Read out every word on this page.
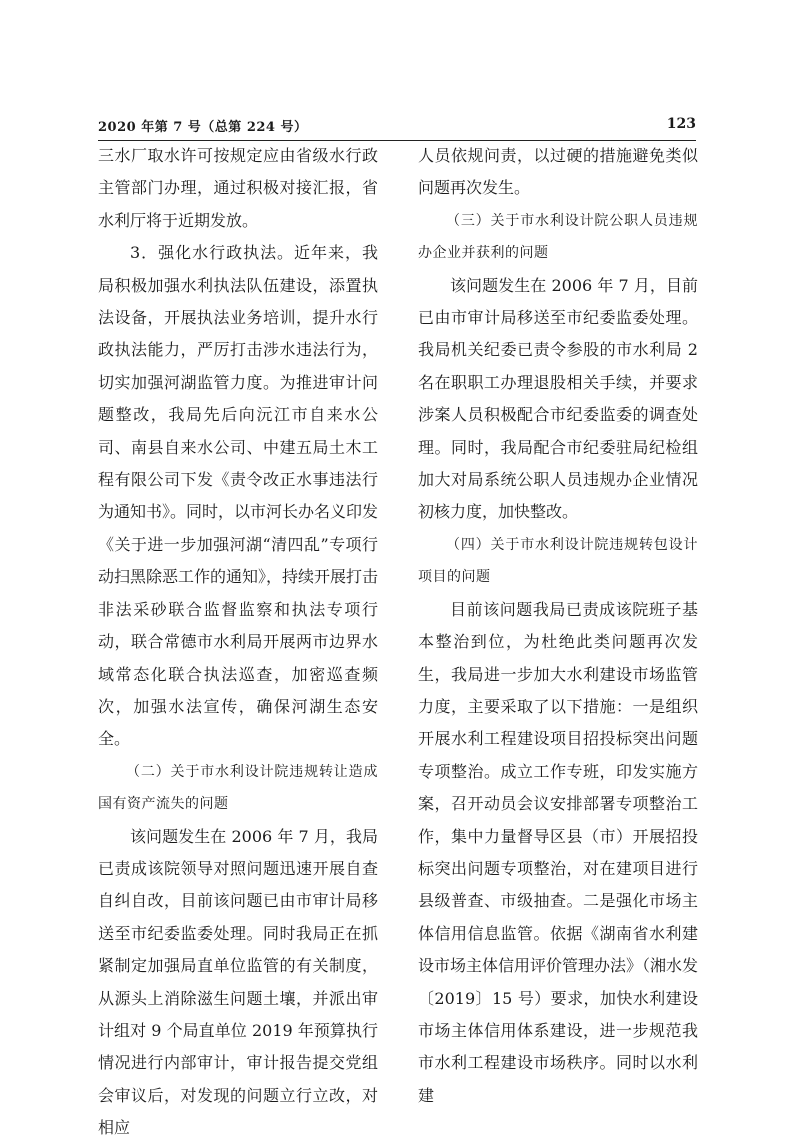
2020 年第 7 号（总第 224 号）	123

三水厂取水许可按规定应由省级水行政主管部门办理，通过积极对接汇报，省水利厅将于近期发放。

3．强化水行政执法。近年来，我局积极加强水利执法队伍建设，添置执法设备，开展执法业务培训，提升水行政执法能力，严厉打击涉水违法行为，切实加强河湖监管力度。为推进审计问题整改，我局先后向沅江市自来水公司、南县自来水公司、中建五局土木工程有限公司下发《责令改正水事违法行为通知书》。同时，以市河长办名义印发《关于进一步加强河湖“清四乱”专项行动扫黑除恶工作的通知》，持续开展打击非法采砂联合监督监察和执法专项行动，联合常德市水利局开展两市边界水域常态化联合执法巡查，加密巡查频次，加强水法宣传，确保河湖生态安全。

（二）关于市水利设计院违规转让造成国有资产流失的问题

该问题发生在 2006 年 7 月，我局已责成该院领导对照问题迅速开展自查自纠自改，目前该问题已由市审计局移送至市纪委监委处理。同时我局正在抓紧制定加强局直单位监管的有关制度，从源头上消除滋生问题土壤，并派出审计组对 9 个局直单位 2019 年预算执行情况进行内部审计，审计报告提交党组会审议后，对发现的问题立行立改，对相应

人员依规问责，以过硬的措施避免类似问题再次发生。

（三）关于市水利设计院公职人员违规办企业并获利的问题

该问题发生在 2006 年 7 月，目前已由市审计局移送至市纪委监委处理。我局机关纪委已责令参股的市水利局 2 名在职职工办理退股相关手续，并要求涉案人员积极配合市纪委监委的调查处理。同时，我局配合市纪委驻局纪检组加大对局系统公职人员违规办企业情况初核力度，加快整改。

（四）关于市水利设计院违规转包设计项目的问题

目前该问题我局已责成该院班子基本整治到位，为杜绝此类问题再次发生，我局进一步加大水利建设市场监管力度，主要采取了以下措施：一是组织开展水利工程建设项目招投标突出问题专项整治。成立工作专班，印发实施方案，召开动员会议安排部署专项整治工作，集中力量督导区县（市）开展招投标突出问题专项整治，对在建项目进行县级普查、市级抽查。二是强化市场主体信用信息监管。依据《湖南省水利建设市场主体信用评价管理办法》（湘水发〔2019〕15 号）要求，加快水利建设市场主体信用体系建设，进一步规范我市水利工程建设市场秩序。同时以水利建
